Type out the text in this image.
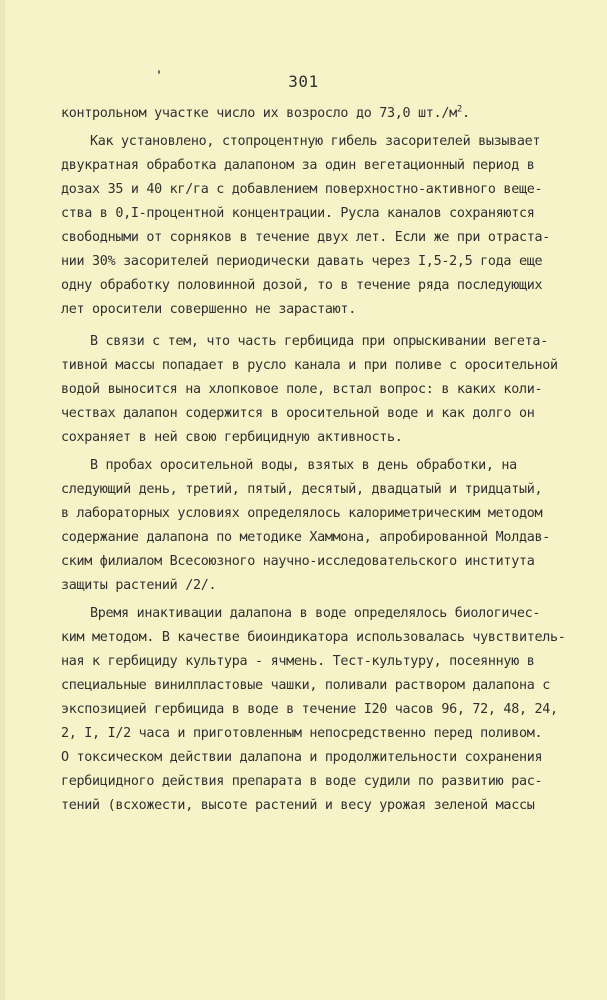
301
контрольном участке число их возросло до 73,0 $шт./м^2$.
Как установлено, стопроцентную гибель засорителей вызывает
двукратная обработка далапоном за один вегетационный период в
дозах 35 и 40 кг/га с добавлением поверхностно-активного веще-
ства в 0,I-процентной концентрации. Русла каналов сохраняются
свободными от сорняков в течение двух лет. Если же при отраста-
нии 30% засорителей периодически давать через I,5-2,5 года еще
одну обработку половинной дозой, то в течение ряда последующих
лет оросители совершенно не зарастают.
В связи с тем, что часть гербицида при опрыскивании вегета-
тивной массы попадает в русло канала и при поливе с оросительной
водой выносится на хлопковое поле, встал вопрос: в каких коли-
чествах далапон содержится в оросительной воде и как долго он
сохраняет в ней свою гербицидную активность.
В пробах оросительной воды, взятых в день обработки, на
следующий день, третий, пятый, десятый, двадцатый и тридцатый,
в лабораторных условиях определялось калориметрическим методом
содержание далапона по методике Хаммона, апробированной Молдав-
ским филиалом Всесоюзного научно-исследовательского института
защиты растений /2/.
Время инактивации далапона в воде определялось биологичес-
ким методом. В качестве биоиндикатора использовалась чувствитель-
ная к гербициду культура - ячмень. Тест-культуру, посеянную в
специальные винилпластовые чашки, поливали раствором далапона с
экспозицией гербицида в воде в течение I20 часов 96, 72, 48, 24,
2, I, I/2 часа и приготовленным непосредственно перед поливом.
О токсическом действии далапона и продолжительности сохранения
гербицидного действия препарата в воде судили по развитию рас-
тений (всхожести, высоте растений и весу урожая зеленой массы
